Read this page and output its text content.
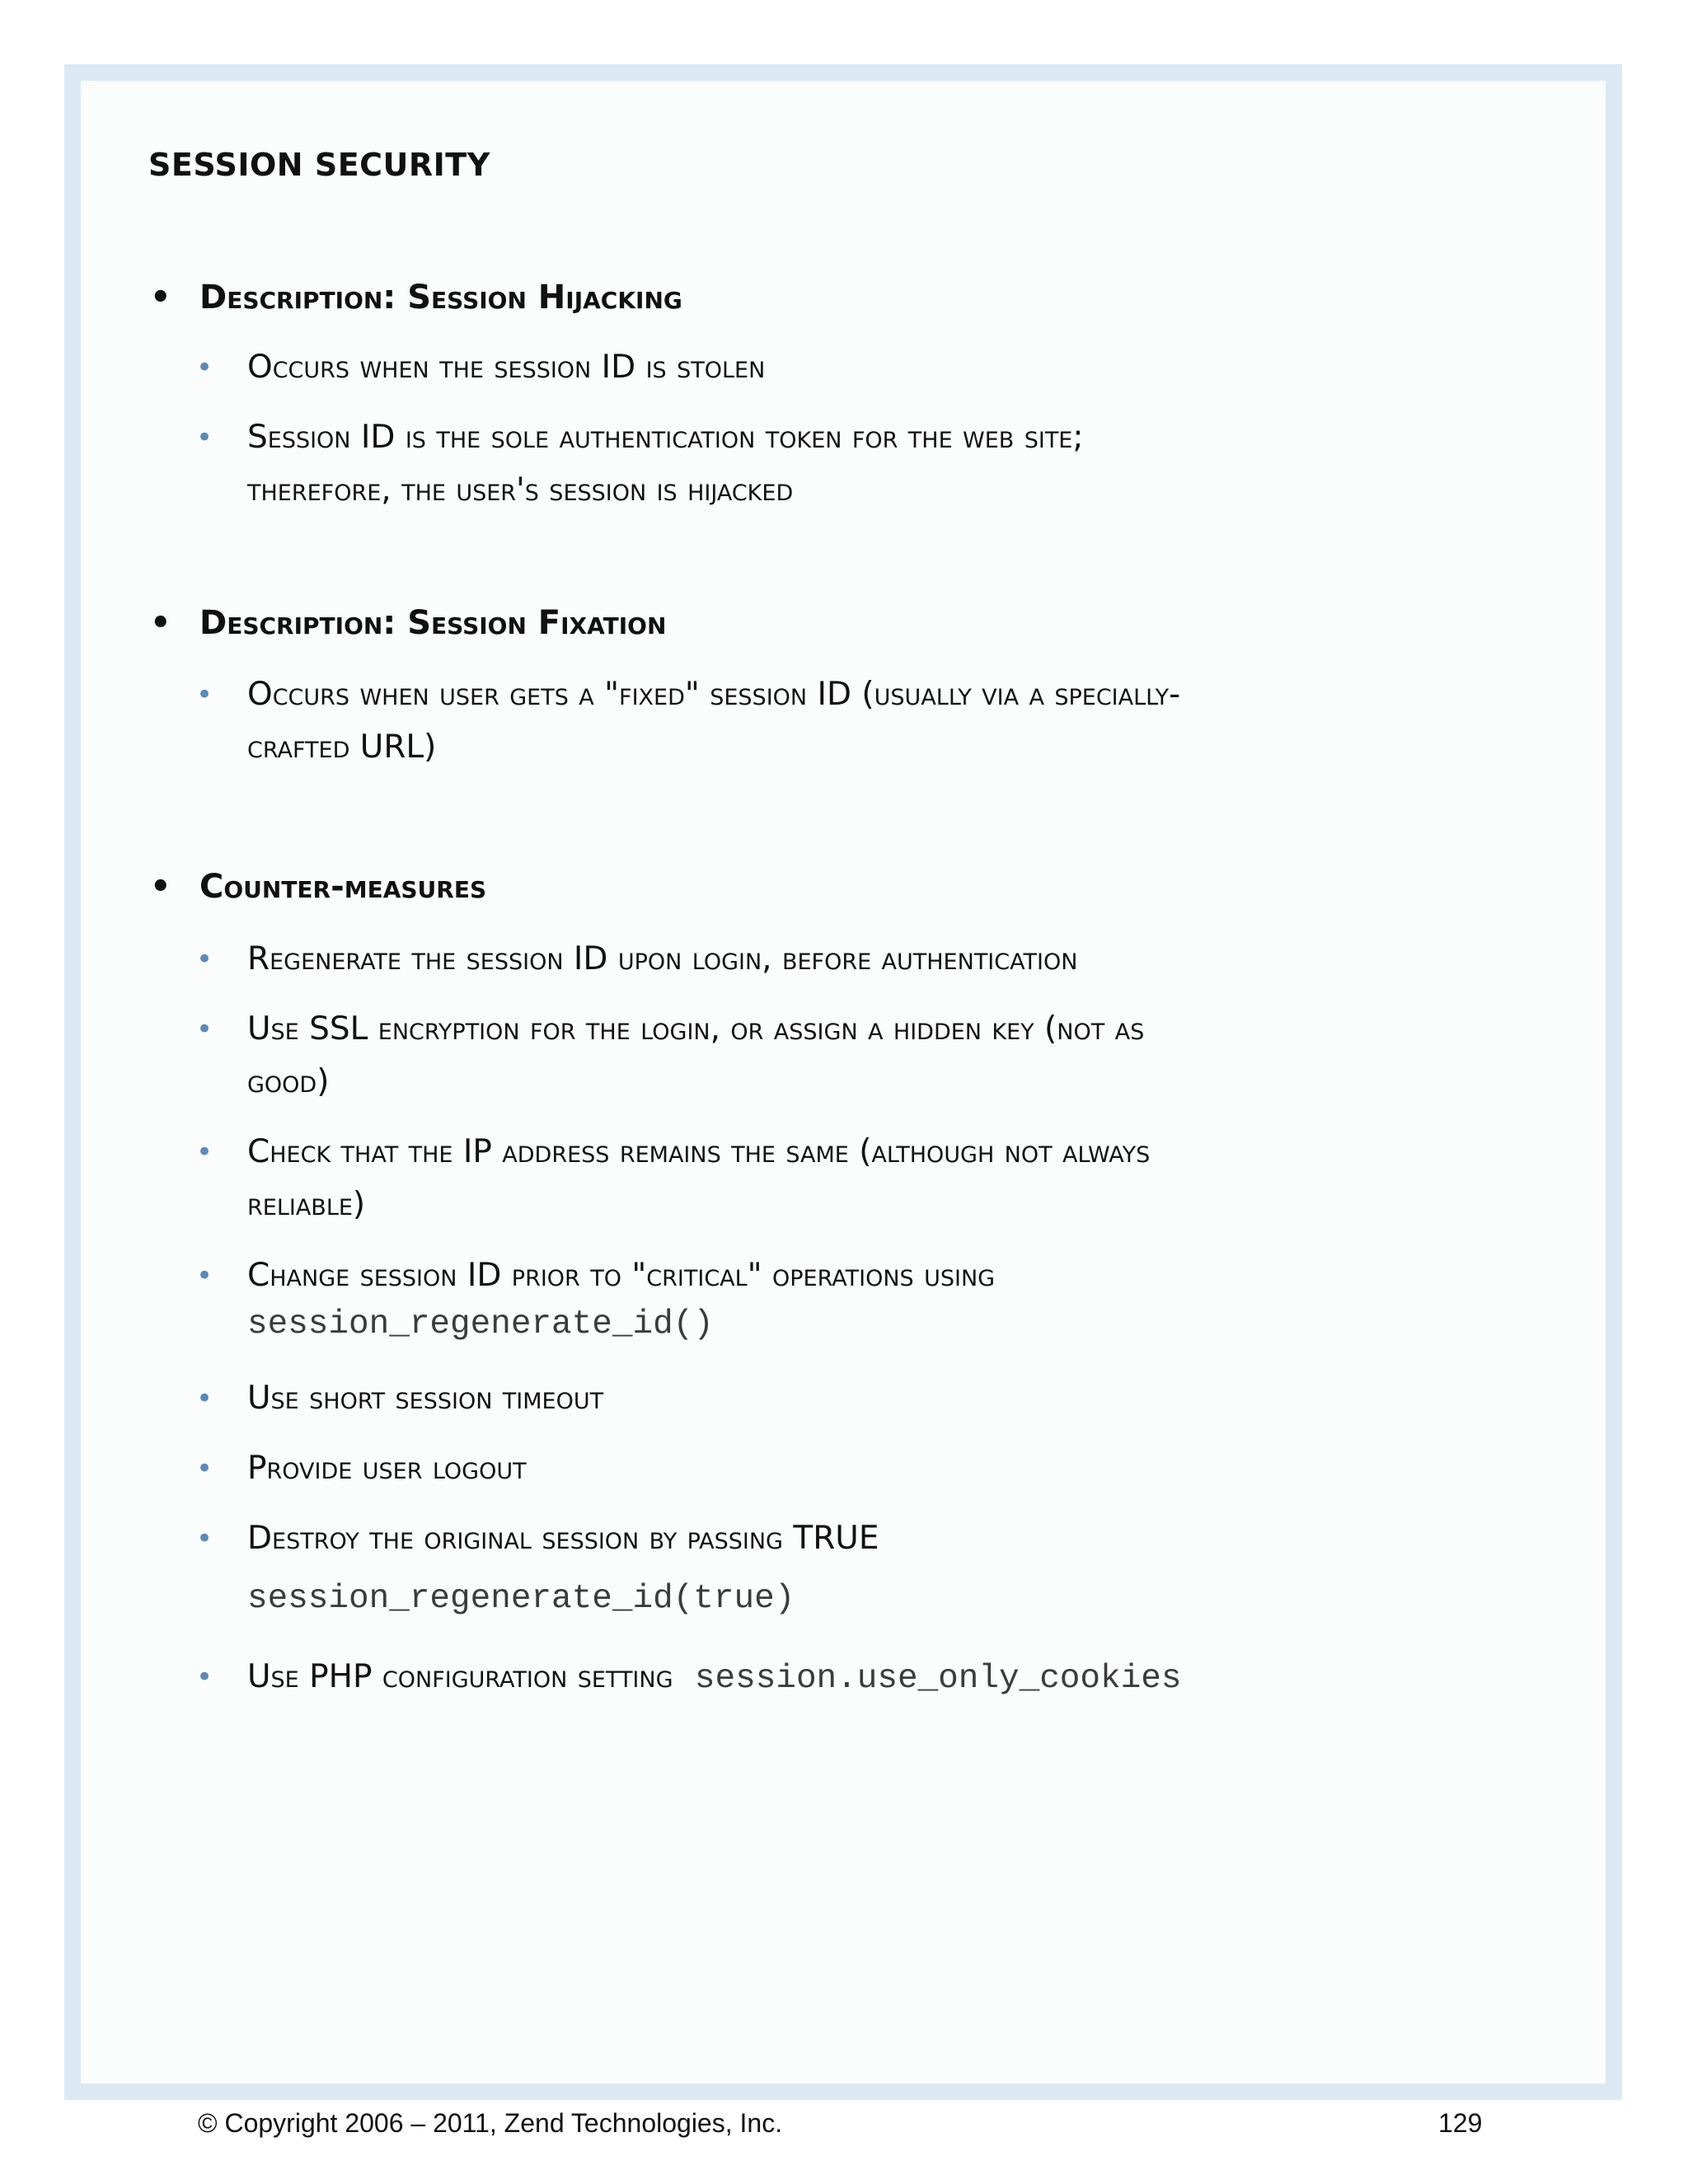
SESSION SECURITY
• Description: Session Hijacking
• Occurs when the session ID is stolen
• Session ID is the sole authentication token for the web site;
therefore, the user's session is hijacked
• Description: Session Fixation
• Occurs when user gets a "fixed" session ID (usually via a specially-
crafted URL)
• Counter-measures
• Regenerate the session ID upon login, before authentication
• Use SSL encryption for the login, or assign a hidden key (not as
good)
• Check that the IP address remains the same (although not always
reliable)
• Change session ID prior to "critical" operations using
session_regenerate_id()
• Use short session timeout
• Provide user logout
• Destroy the original session by passing TRUE
session_regenerate_id(true)
• Use PHP configuration setting session.use_only_cookies
© Copyright 2006 – 2011, Zend Technologies, Inc.	129
